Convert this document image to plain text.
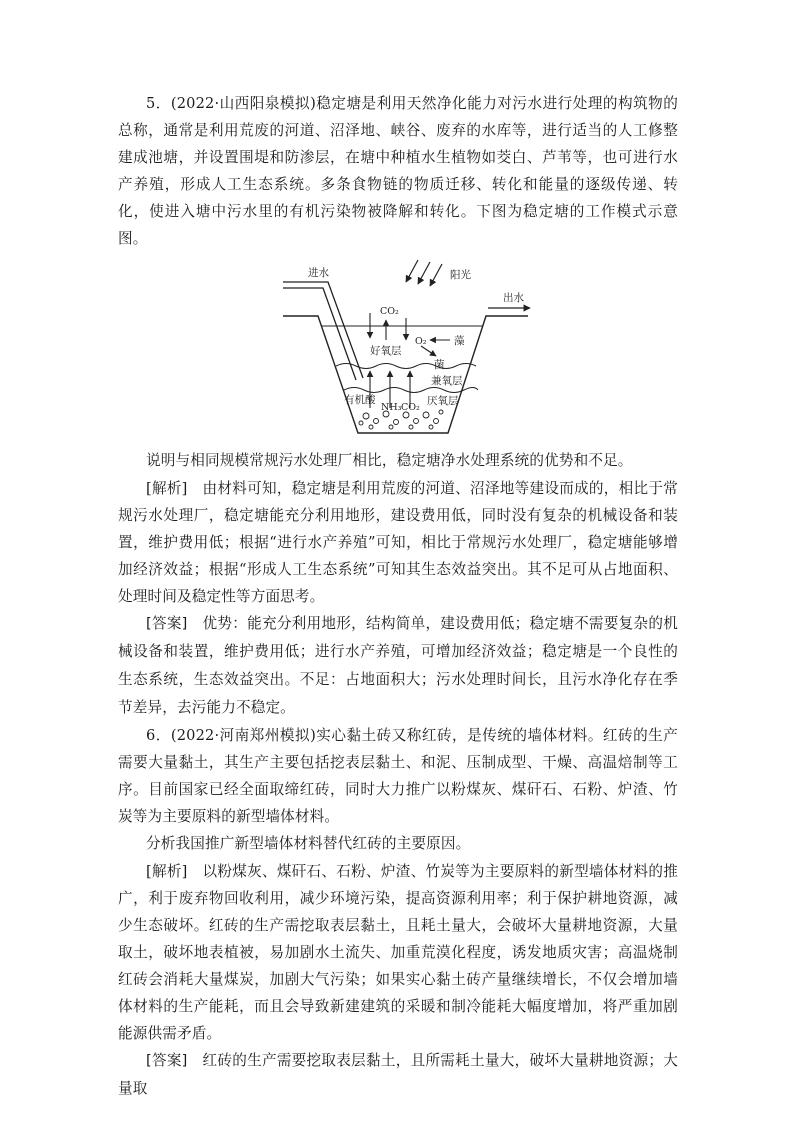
5．(2022·山西阳泉模拟)稳定塘是利用天然净化能力对污水进行处理的构筑物的总称，通常是利用荒废的河道、沼泽地、峡谷、废弃的水库等，进行适当的人工修整建成池塘，并设置围堤和防渗层，在塘中种植水生植物如茭白、芦苇等，也可进行水产养殖，形成人工生态系统。多条食物链的物质迁移、转化和能量的逐级传递、转化，使进入塘中污水里的有机污染物被降解和转化。下图为稳定塘的工作模式示意图。

进水	阳光
出水
CO₂
O₂	藻
好氧层
菌
兼氧层
有机酸
NH₃ CO₂
厌氧层

说明与相同规模常规污水处理厂相比，稳定塘净水处理系统的优势和不足。

[解析]　 由材料可知，稳定塘是利用荒废的河道、沼泽地等建设而成的，相比于常规污水处理厂，稳定塘能充分利用地形，建设费用低，同时没有复杂的机械设备和装置，维护费用低；根据“进行水产养殖”可知，相比于常规污水处理厂，稳定塘能够增加经济效益；根据“形成人工生态系统”可知其生态效益突出。其不足可从占地面积、处理时间及稳定性等方面思考。

[答案]　 优势：能充分利用地形，结构简单，建设费用低；稳定塘不需要复杂的机械设备和装置，维护费用低；进行水产养殖，可增加经济效益；稳定塘是一个良性的生态系统，生态效益突出。不足：占地面积大；污水处理时间长，且污水净化存在季节差异，去污能力不稳定。

6．(2022·河南郑州模拟)实心黏土砖又称红砖，是传统的墙体材料。红砖的生产需要大量黏土，其生产主要包括挖表层黏土、和泥、压制成型、干燥、高温焙制等工序。目前国家已经全面取缔红砖，同时大力推广以粉煤灰、煤矸石、石粉、炉渣、竹炭等为主要原料的新型墙体材料。

分析我国推广新型墙体材料替代红砖的主要原因。

[解析]　 以粉煤灰、煤矸石、石粉、炉渣、竹炭等为主要原料的新型墙体材料的推广，利于废弃物回收利用，减少环境污染，提高资源利用率；利于保护耕地资源，减少生态破坏。红砖的生产需挖取表层黏土，且耗土量大，会破坏大量耕地资源，大量取土，破坏地表植被，易加剧水土流失、加重荒漠化程度，诱发地质灾害；高温烧制红砖会消耗大量煤炭，加剧大气污染；如果实心黏土砖产量继续增长，不仅会增加墙体材料的生产能耗，而且会导致新建建筑的采暖和制冷能耗大幅度增加，将严重加剧能源供需矛盾。

[答案]　 红砖的生产需要挖取表层黏土，且所需耗土量大，破坏大量耕地资源；大量取
